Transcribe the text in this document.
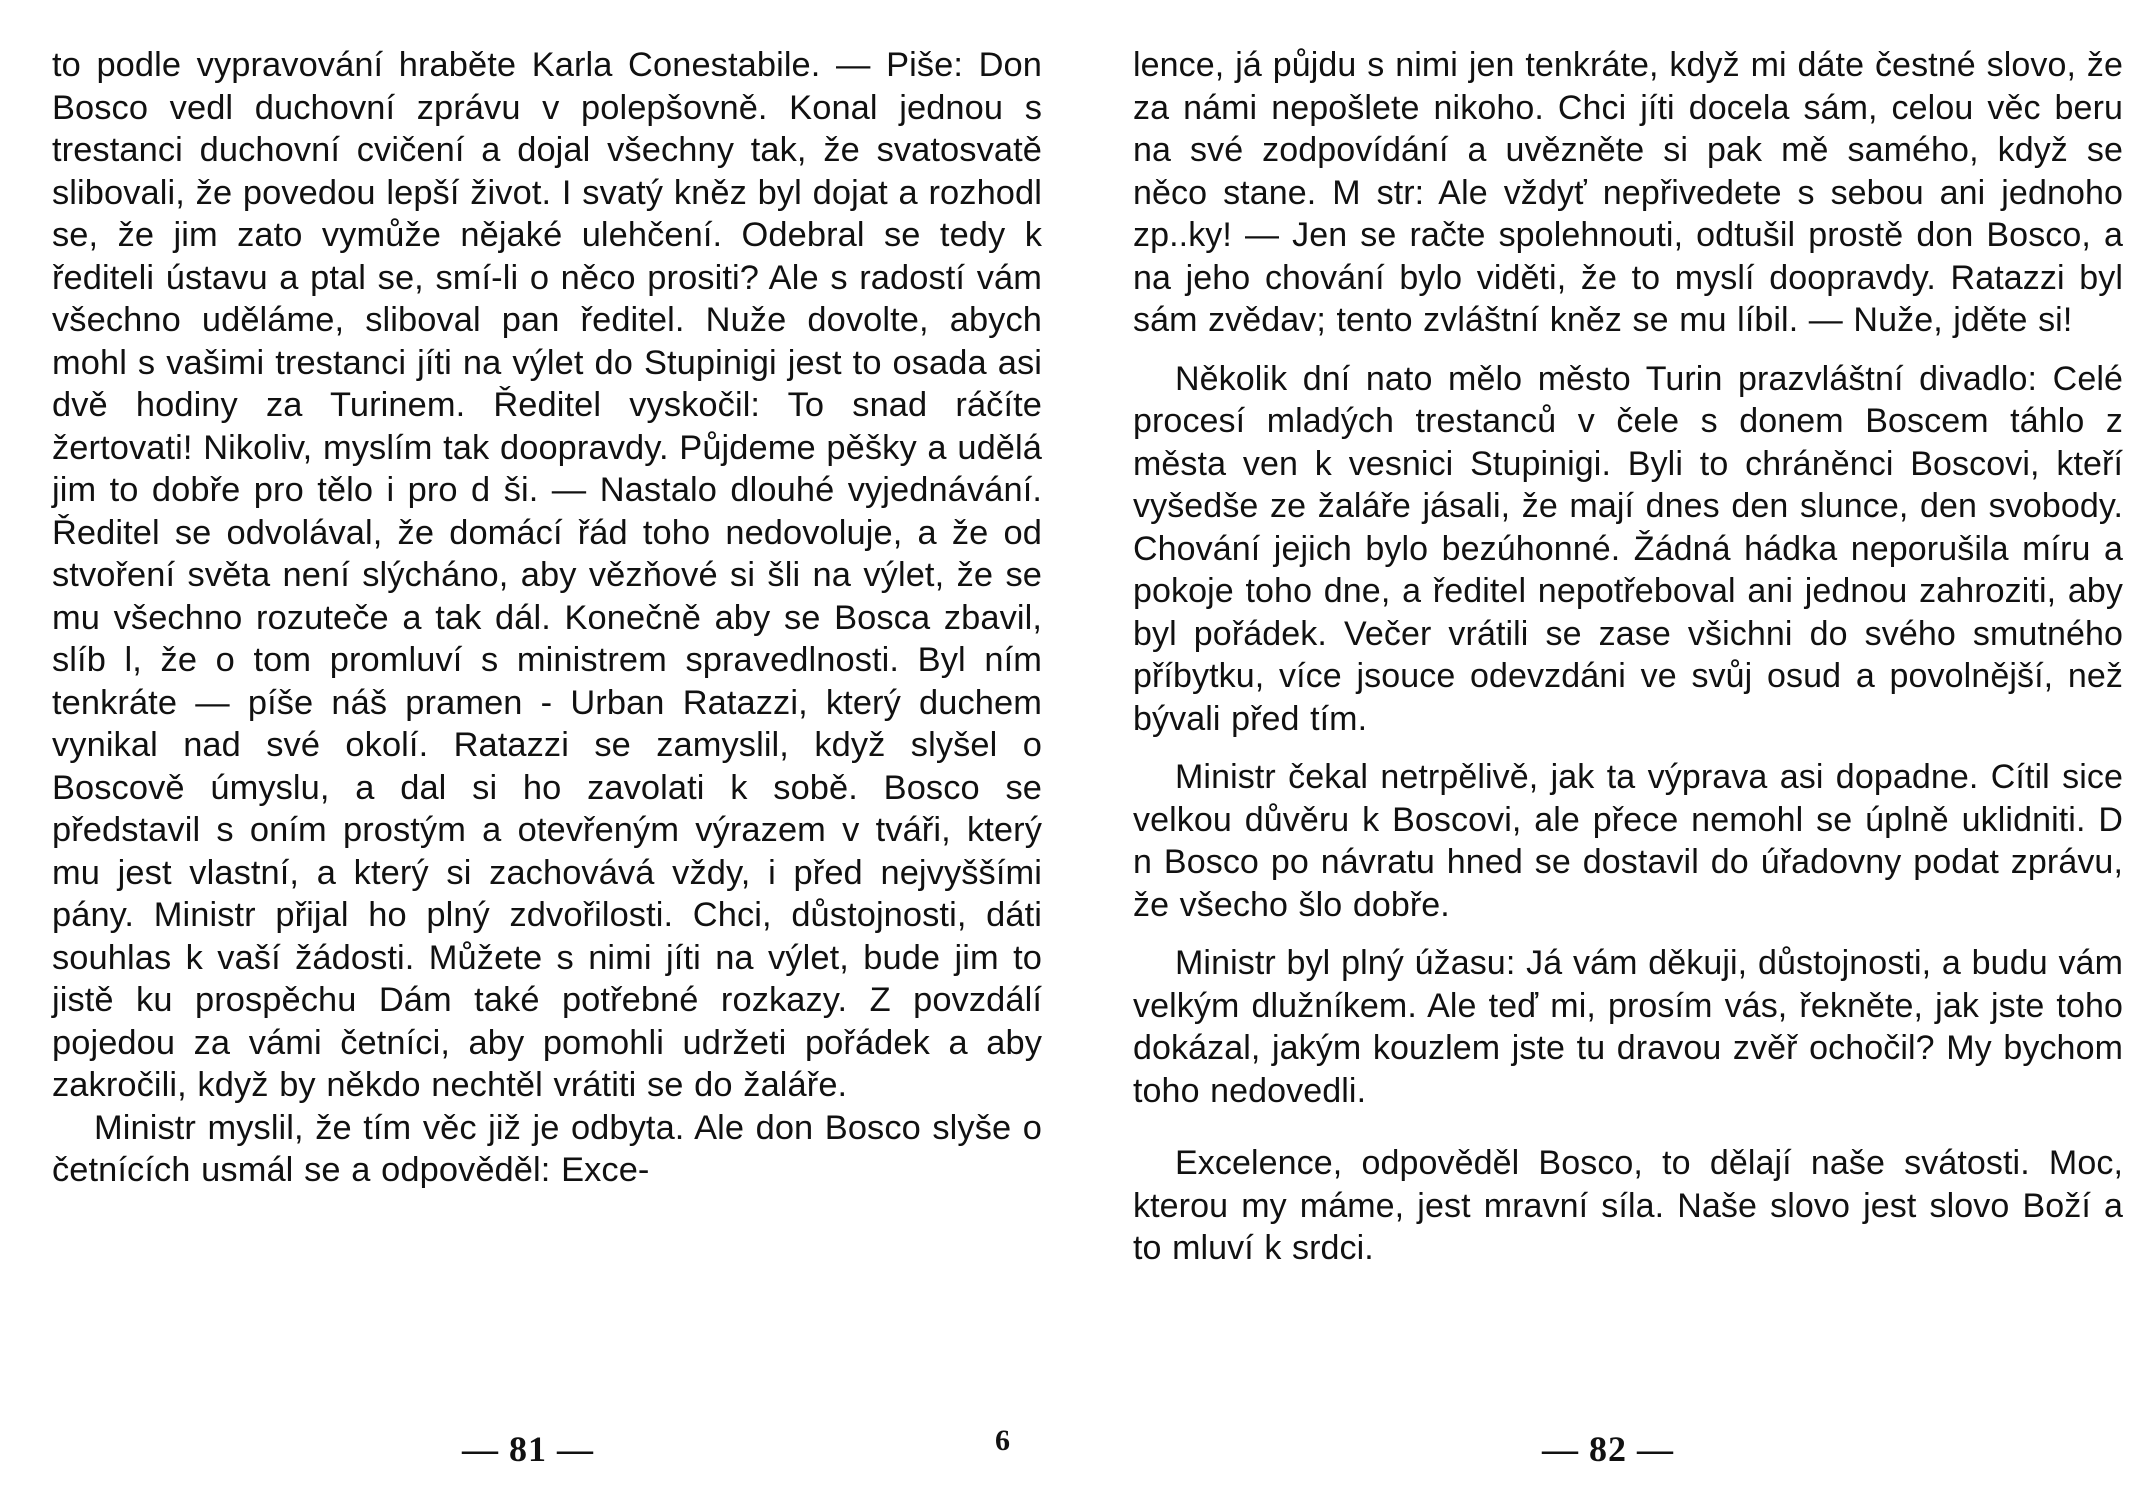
to podle vypravování hraběte Karla Conestabile. — Piše: Don Bosco vedl duchovní zprávu v polepšovně. Konal jednou s trestanci duchovní cvičení a dojal všechny tak, že svatosvatě slibovali, že povedou lepší život. I svatý kněz byl dojat a rozhodl se, že jim zato vymůže nějaké ulehčení. Odebral se tedy k řediteli ústavu a ptal se, smí-li o něco prositi? Ale s radostí vám všechno uděláme, sliboval pan ředitel. Nuže dovolte, abych mohl s vašimi trestanci jíti na výlet do Stupinigi jest to osada asi dvě hodiny za Turinem. Ředitel vyskočil: To snad ráčíte žertovati! Nikoliv, myslím tak doopravdy. Půjdeme pěšky a udělá jim to dobře pro tělo i pro d ši. — Nastalo dlouhé vyjednávání. Ředitel se odvolával, že domácí řád toho nedovoluje, a že od stvoření světa není slýcháno, aby vězňové si šli na výlet, že se mu všechno rozuteče a tak dál. Konečně aby se Bosca zbavil, slíb l, že o tom promluví s ministrem spravedlnosti. Byl ním tenkráte — píše náš pramen - Urban Ratazzi, který duchem vynikal nad své okolí. Ratazzi se zamyslil, když slyšel o Boscově úmyslu, a dal si ho zavolati k sobě. Bosco se představil s oním prostým a otevřeným výrazem v tváři, který mu jest vlastní, a který si zachovává vždy, i před nejvyššími pány. Ministr přijal ho plný zdvořilosti. Chci, důstojnosti, dáti souhlas k vaší žádosti. Můžete s nimi jíti na výlet, bude jim to jistě ku prospěchu Dám také potřebné rozkazy. Z povzdálí pojedou za vámi četníci, aby pomohli udržeti pořádek a aby zakročili, když by někdo nechtěl vrátiti se do žaláře.

Ministr myslil, že tím věc již je odbyta. Ale don Bosco slyše o četnících usmál se a odpověděl: Exce-

lence, já půjdu s nimi jen tenkráte, když mi dáte čestné slovo, že za námi nepošlete nikoho. Chci jíti docela sám, celou věc beru na své zodpovídání a uvězněte si pak mě samého, když se něco stane. M str: Ale vždyť nepřivedete s sebou ani jednoho zp..ky! — Jen se račte spolehnouti, odtušil prostě don Bosco, a na jeho chování bylo viděti, že to myslí doopravdy. Ratazzi byl sám zvědav; tento zvláštní kněz se mu líbil. — Nuže, jděte si!

Několik dní nato mělo město Turin prazvláštní divadlo: Celé procesí mladých trestanců v čele s donem Boscem táhlo z města ven k vesnici Stupinigi. Byli to chráněnci Boscovi, kteří vyšedše ze žaláře jásali, že mají dnes den slunce, den svobody. Chování jejich bylo bezúhonné. Žádná hádka neporušila míru a pokoje toho dne, a ředitel nepotřeboval ani jednou zahroziti, aby byl pořádek. Večer vrátili se zase všichni do svého smutného příbytku, více jsouce odevzdáni ve svůj osud a povolnější, než bývali před tím.

Ministr čekal netrpělivě, jak ta výprava asi dopadne. Cítil sice velkou důvěru k Boscovi, ale přece nemohl se úplně uklidniti. D n Bosco po návratu hned se dostavil do úřadovny podat zprávu, že všecho šlo dobře.

Ministr byl plný úžasu: Já vám děkuji, důstojnosti, a budu vám velkým dlužníkem. Ale teď mi, prosím vás, řekněte, jak jste toho dokázal, jakým kouzlem jste tu dravou zvěř ochočil? My bychom toho nedovedli.

Excelence, odpověděl Bosco, to dělají naše svátosti. Moc, kterou my máme, jest mravní síla. Naše slovo jest slovo Boží a to mluví k srdci.

— 81 —	6	— 82 —
